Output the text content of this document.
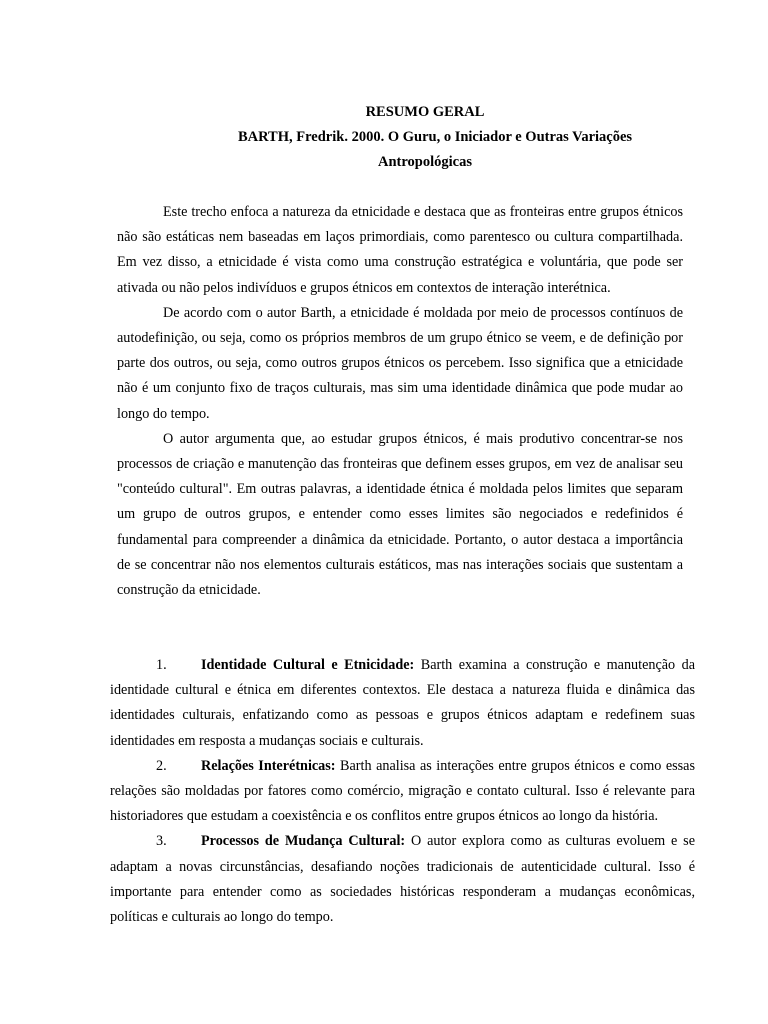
RESUMO GERAL
BARTH, Fredrik. 2000. O Guru, o Iniciador e Outras Variações
Antropológicas

Este trecho enfoca a natureza da etnicidade e destaca que as fronteiras entre grupos étnicos não são estáticas nem baseadas em laços primordiais, como parentesco ou cultura compartilhada. Em vez disso, a etnicidade é vista como uma construção estratégica e voluntária, que pode ser ativada ou não pelos indivíduos e grupos étnicos em contextos de interação interétnica.

De acordo com o autor Barth, a etnicidade é moldada por meio de processos contínuos de autodefinição, ou seja, como os próprios membros de um grupo étnico se veem, e de definição por parte dos outros, ou seja, como outros grupos étnicos os percebem. Isso significa que a etnicidade não é um conjunto fixo de traços culturais, mas sim uma identidade dinâmica que pode mudar ao longo do tempo.

O autor argumenta que, ao estudar grupos étnicos, é mais produtivo concentrar-se nos processos de criação e manutenção das fronteiras que definem esses grupos, em vez de analisar seu "conteúdo cultural". Em outras palavras, a identidade étnica é moldada pelos limites que separam um grupo de outros grupos, e entender como esses limites são negociados e redefinidos é fundamental para compreender a dinâmica da etnicidade. Portanto, o autor destaca a importância de se concentrar não nos elementos culturais estáticos, mas nas interações sociais que sustentam a construção da etnicidade.

1. Identidade Cultural e Etnicidade: Barth examina a construção e manutenção da identidade cultural e étnica em diferentes contextos. Ele destaca a natureza fluida e dinâmica das identidades culturais, enfatizando como as pessoas e grupos étnicos adaptam e redefinem suas identidades em resposta a mudanças sociais e culturais.

2. Relações Interétnicas: Barth analisa as interações entre grupos étnicos e como essas relações são moldadas por fatores como comércio, migração e contato cultural. Isso é relevante para historiadores que estudam a coexistência e os conflitos entre grupos étnicos ao longo da história.

3. Processos de Mudança Cultural: O autor explora como as culturas evoluem e se adaptam a novas circunstâncias, desafiando noções tradicionais de autenticidade cultural. Isso é importante para entender como as sociedades históricas responderam a mudanças econômicas, políticas e culturais ao longo do tempo.
